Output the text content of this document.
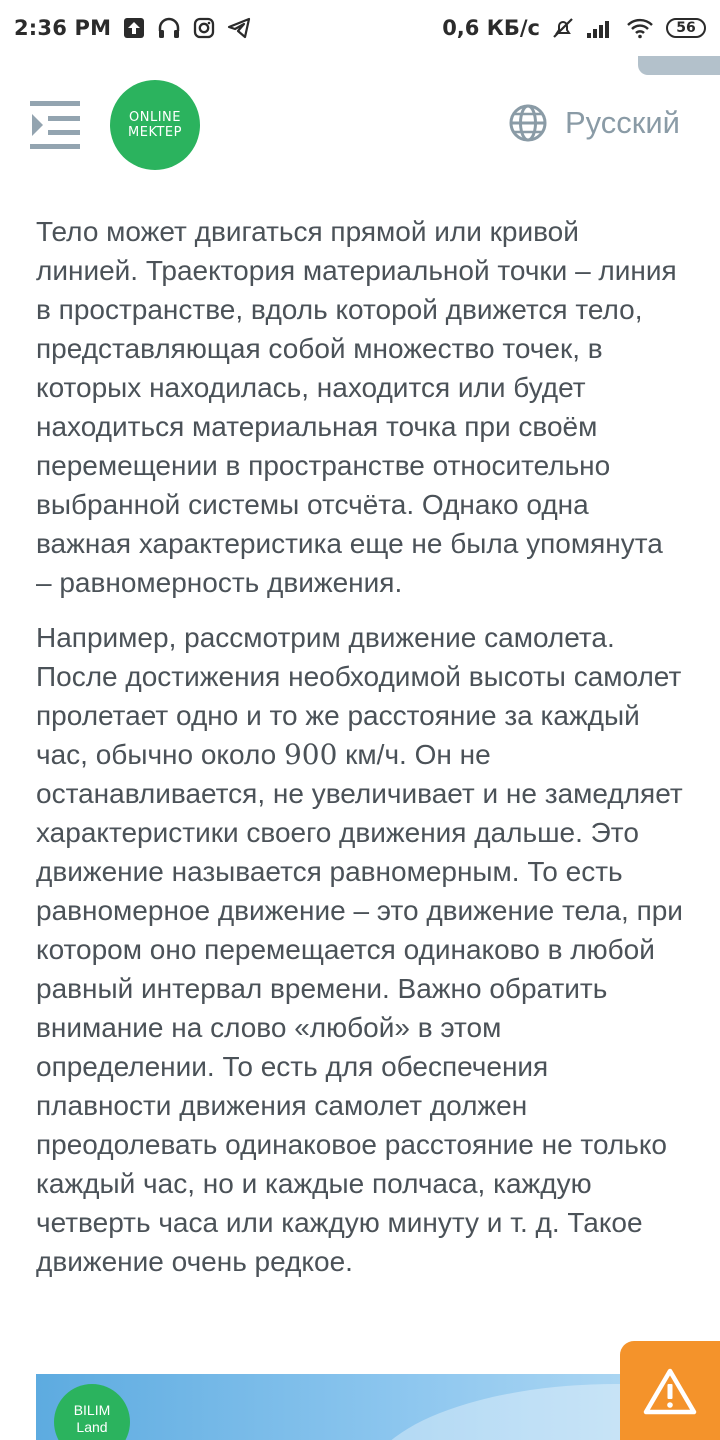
2:36 PM	0,6 КБ/с	56
ONLINE
MEKTEP	Русский

Тело может двигаться прямой или кривой линией. Траектория материальной точки – линия в пространстве, вдоль которой движется тело, представляющая собой множество точек, в которых находилась, находится или будет находиться материальная точка при своём перемещении в пространстве относительно выбранной системы отсчёта. Однако одна важная характеристика еще не была упомянута – равномерность движения.

Например, рассмотрим движение самолета. После достижения необходимой высоты самолет пролетает одно и то же расстояние за каждый час, обычно около 900 км/ч. Он не останавливается, не увеличивает и не замедляет характеристики своего движения дальше. Это движение называется равномерным. То есть равномерное движение – это движение тела, при котором оно перемещается одинаково в любой равный интервал времени. Важно обратить внимание на слово «любой» в этом определении. То есть для обеспечения плавности движения самолет должен преодолевать одинаковое расстояние не только каждый час, но и каждые полчаса, каждую четверть часа или каждую минуту и т. д. Такое движение очень редкое.

BILIM
Land
